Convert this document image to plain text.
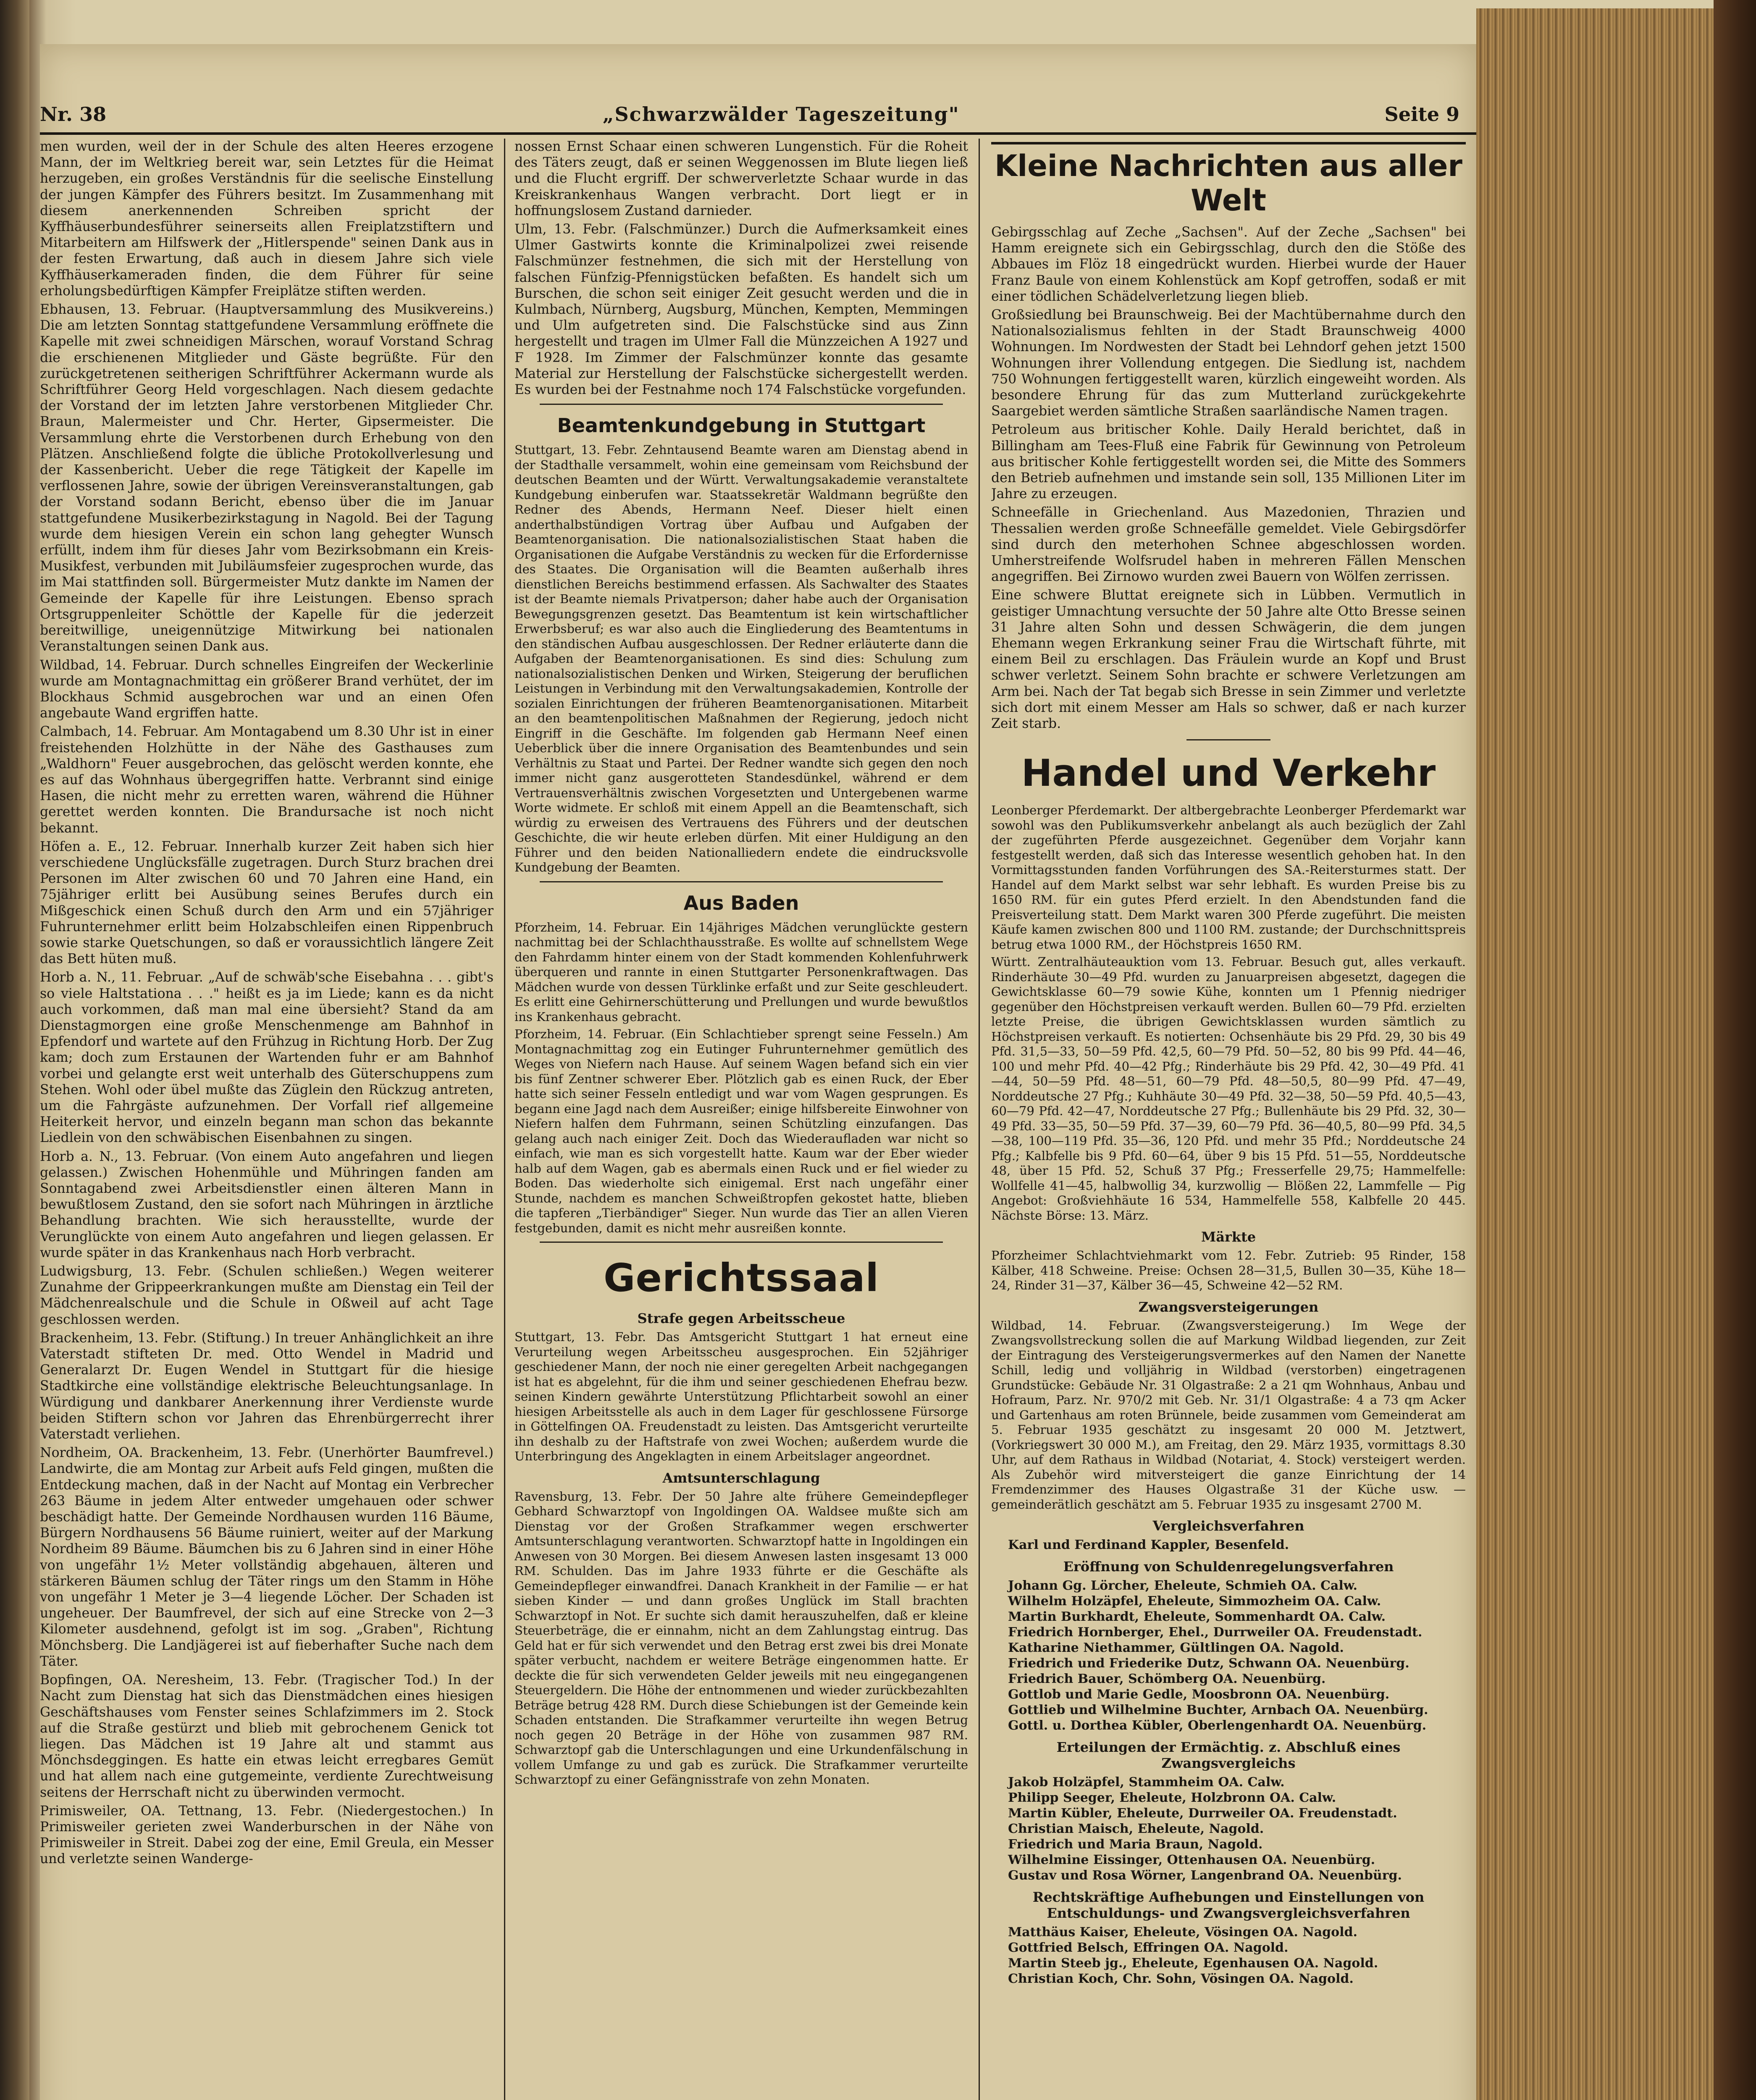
Nr. 38	„Schwarzwälder Tageszeitung"	Seite 9

men wurden, weil der in der Schule des alten Heeres erzogene Mann, der im Weltkrieg bereit war, sein Letztes für die Heimat herzugeben, ein großes Verständnis für die seelische Einstellung der jungen Kämpfer des Führers besitzt. Im Zusammenhang mit diesem anerkennenden Schreiben spricht der Kyffhäuserbundesführer seinerseits allen Freiplatzstiftern und Mitarbeitern am Hilfswerk der „Hitlerspende" seinen Dank aus in der festen Erwartung, daß auch in diesem Jahre sich viele Kyffhäuserkameraden finden, die dem Führer für seine erholungsbedürftigen Kämpfer Freiplätze stiften werden.

Ebhausen, 13. Februar. (Hauptversammlung des Musikvereins.) Die am letzten Sonntag stattgefundene Versammlung eröffnete die Kapelle mit zwei schneidigen Märschen, worauf Vorstand Schrag die erschienenen Mitglieder und Gäste begrüßte. Für den zurückgetretenen seitherigen Schriftführer Ackermann wurde als Schriftführer Georg Held vorgeschlagen. Nach diesem gedachte der Vorstand der im letzten Jahre verstorbenen Mitglieder Chr. Braun, Malermeister und Chr. Herter, Gipsermeister. Die Versammlung ehrte die Verstorbenen durch Erhebung von den Plätzen. Anschließend folgte die übliche Protokollverlesung und der Kassenbericht. Ueber die rege Tätigkeit der Kapelle im verflossenen Jahre, sowie der übrigen Vereinsveranstaltungen, gab der Vorstand sodann Bericht, ebenso über die im Januar stattgefundene Musikerbezirkstagung in Nagold. Bei der Tagung wurde dem hiesigen Verein ein schon lang gehegter Wunsch erfüllt, indem ihm für dieses Jahr vom Bezirksobmann ein Kreis-Musikfest, verbunden mit Jubiläumsfeier zugesprochen wurde, das im Mai stattfinden soll. Bürgermeister Mutz dankte im Namen der Gemeinde der Kapelle für ihre Leistungen. Ebenso sprach Ortsgruppenleiter Schöttle der Kapelle für die jederzeit bereitwillige, uneigennützige Mitwirkung bei nationalen Veranstaltungen seinen Dank aus.

Wildbad, 14. Februar. Durch schnelles Eingreifen der Weckerlinie wurde am Montagnachmittag ein größerer Brand verhütet, der im Blockhaus Schmid ausgebrochen war und an einen Ofen angebaute Wand ergriffen hatte.

Calmbach, 14. Februar. Am Montagabend um 8.30 Uhr ist in einer freistehenden Holzhütte in der Nähe des Gasthauses zum „Waldhorn" Feuer ausgebrochen, das gelöscht werden konnte, ehe es auf das Wohnhaus übergegriffen hatte. Verbrannt sind einige Hasen, die nicht mehr zu erretten waren, während die Hühner gerettet werden konnten. Die Brandursache ist noch nicht bekannt.

Höfen a. E., 12. Februar. Innerhalb kurzer Zeit haben sich hier verschiedene Unglücksfälle zugetragen. Durch Sturz brachen drei Personen im Alter zwischen 60 und 70 Jahren eine Hand, ein 75jähriger erlitt bei Ausübung seines Berufes durch ein Mißgeschick einen Schuß durch den Arm und ein 57jähriger Fuhrunternehmer erlitt beim Holzabschleifen einen Rippenbruch sowie starke Quetschungen, so daß er voraussichtlich längere Zeit das Bett hüten muß.

Horb a. N., 11. Februar. „Auf de schwäb'sche Eisebahna . . . gibt's so viele Haltstationa . . ." heißt es ja im Liede; kann es da nicht auch vorkommen, daß man mal eine übersieht? Stand da am Dienstagmorgen eine große Menschenmenge am Bahnhof in Epfendorf und wartete auf den Frühzug in Richtung Horb. Der Zug kam; doch zum Erstaunen der Wartenden fuhr er am Bahnhof vorbei und gelangte erst weit unterhalb des Güterschuppens zum Stehen. Wohl oder übel mußte das Züglein den Rückzug antreten, um die Fahrgäste aufzunehmen. Der Vorfall rief allgemeine Heiterkeit hervor, und einzeln begann man schon das bekannte Liedlein von den schwäbischen Eisenbahnen zu singen.

Horb a. N., 13. Februar. (Von einem Auto angefahren und liegen gelassen.) Zwischen Hohenmühle und Mühringen fanden am Sonntagabend zwei Arbeitsdienstler einen älteren Mann in bewußtlosem Zustand, den sie sofort nach Mühringen in ärztliche Behandlung brachten. Wie sich herausstellte, wurde der Verunglückte von einem Auto angefahren und liegen gelassen. Er wurde später in das Krankenhaus nach Horb verbracht.

Ludwigsburg, 13. Febr. (Schulen schließen.) Wegen weiterer Zunahme der Grippeerkrankungen mußte am Dienstag ein Teil der Mädchenrealschule und die Schule in Oßweil auf acht Tage geschlossen werden.

Brackenheim, 13. Febr. (Stiftung.) In treuer Anhänglichkeit an ihre Vaterstadt stifteten Dr. med. Otto Wendel in Madrid und Generalarzt Dr. Eugen Wendel in Stuttgart für die hiesige Stadtkirche eine vollständige elektrische Beleuchtungsanlage. In Würdigung und dankbarer Anerkennung ihrer Verdienste wurde beiden Stiftern schon vor Jahren das Ehrenbürgerrecht ihrer Vaterstadt verliehen.

Nordheim, OA. Brackenheim, 13. Febr. (Unerhörter Baumfrevel.) Landwirte, die am Montag zur Arbeit aufs Feld gingen, mußten die Entdeckung machen, daß in der Nacht auf Montag ein Verbrecher 263 Bäume in jedem Alter entweder umgehauen oder schwer beschädigt hatte. Der Gemeinde Nordhausen wurden 116 Bäume, Bürgern Nordhausens 56 Bäume ruiniert, weiter auf der Markung Nordheim 89 Bäume. Bäumchen bis zu 6 Jahren sind in einer Höhe von ungefähr 1½ Meter vollständig abgehauen, älteren und stärkeren Bäumen schlug der Täter rings um den Stamm in Höhe von ungefähr 1 Meter je 3—4 liegende Löcher. Der Schaden ist ungeheuer. Der Baumfrevel, der sich auf eine Strecke von 2—3 Kilometer ausdehnend, gefolgt ist im sog. „Graben", Richtung Mönchsberg. Die Landjägerei ist auf fieberhafter Suche nach dem Täter.

Bopfingen, OA. Neresheim, 13. Febr. (Tragischer Tod.) In der Nacht zum Dienstag hat sich das Dienstmädchen eines hiesigen Geschäftshauses vom Fenster seines Schlafzimmers im 2. Stock auf die Straße gestürzt und blieb mit gebrochenem Genick tot liegen. Das Mädchen ist 19 Jahre alt und stammt aus Mönchsdeggingen. Es hatte ein etwas leicht erregbares Gemüt und hat allem nach eine gutgemeinte, verdiente Zurechtweisung seitens der Herrschaft nicht zu überwinden vermocht.

Primisweiler, OA. Tettnang, 13. Febr. (Niedergestochen.) In Primisweiler gerieten zwei Wanderburschen in der Nähe von Primisweiler in Streit. Dabei zog der eine, Emil Greula, ein Messer und verletzte seinen Wanderge-

nossen Ernst Schaar einen schweren Lungenstich. Für die Roheit des Täters zeugt, daß er seinen Weggenossen im Blute liegen ließ und die Flucht ergriff. Der schwerverletzte Schaar wurde in das Kreiskrankenhaus Wangen verbracht. Dort liegt er in hoffnungslosem Zustand darnieder.

Ulm, 13. Febr. (Falschmünzer.) Durch die Aufmerksamkeit eines Ulmer Gastwirts konnte die Kriminalpolizei zwei reisende Falschmünzer festnehmen, die sich mit der Herstellung von falschen Fünfzig-Pfennigstücken befaßten. Es handelt sich um Burschen, die schon seit einiger Zeit gesucht werden und die in Kulmbach, Nürnberg, Augsburg, München, Kempten, Memmingen und Ulm aufgetreten sind. Die Falschstücke sind aus Zinn hergestellt und tragen im Ulmer Fall die Münzzeichen A 1927 und F 1928. Im Zimmer der Falschmünzer konnte das gesamte Material zur Herstellung der Falschstücke sichergestellt werden. Es wurden bei der Festnahme noch 174 Falschstücke vorgefunden.

Beamtenkundgebung in Stuttgart

Stuttgart, 13. Febr. Zehntausend Beamte waren am Dienstag abend in der Stadthalle versammelt, wohin eine gemeinsam vom Reichsbund der deutschen Beamten und der Württ. Verwaltungsakademie veranstaltete Kundgebung einberufen war. Staatssekretär Waldmann begrüßte den Redner des Abends, Hermann Neef. Dieser hielt einen anderthalbstündigen Vortrag über Aufbau und Aufgaben der Beamtenorganisation. Die nationalsozialistischen Staat haben die Organisationen die Aufgabe Verständnis zu wecken für die Erfordernisse des Staates. Die Organisation will die Beamten außerhalb ihres dienstlichen Bereichs bestimmend erfassen. Als Sachwalter des Staates ist der Beamte niemals Privatperson; daher habe auch der Organisation Bewegungsgrenzen gesetzt. Das Beamtentum ist kein wirtschaftlicher Erwerbsberuf; es war also auch die Eingliederung des Beamtentums in den ständischen Aufbau ausgeschlossen. Der Redner erläuterte dann die Aufgaben der Beamtenorganisationen. Es sind dies: Schulung zum nationalsozialistischen Denken und Wirken, Steigerung der beruflichen Leistungen in Verbindung mit den Verwaltungsakademien, Kontrolle der sozialen Einrichtungen der früheren Beamtenorganisationen. Mitarbeit an den beamtenpolitischen Maßnahmen der Regierung, jedoch nicht Eingriff in die Geschäfte. Im folgenden gab Hermann Neef einen Ueberblick über die innere Organisation des Beamtenbundes und sein Verhältnis zu Staat und Partei. Der Redner wandte sich gegen den noch immer nicht ganz ausgerotteten Standesdünkel, während er dem Vertrauensverhältnis zwischen Vorgesetzten und Untergebenen warme Worte widmete. Er schloß mit einem Appell an die Beamtenschaft, sich würdig zu erweisen des Vertrauens des Führers und der deutschen Geschichte, die wir heute erleben dürfen. Mit einer Huldigung an den Führer und den beiden Nationalliedern endete die eindrucksvolle Kundgebung der Beamten.

Aus Baden

Pforzheim, 14. Februar. Ein 14jähriges Mädchen verunglückte gestern nachmittag bei der Schlachthausstraße. Es wollte auf schnellstem Wege den Fahrdamm hinter einem von der Stadt kommenden Kohlenfuhrwerk überqueren und rannte in einen Stuttgarter Personenkraftwagen. Das Mädchen wurde von dessen Türklinke erfaßt und zur Seite geschleudert. Es erlitt eine Gehirnerschütterung und Prellungen und wurde bewußtlos ins Krankenhaus gebracht.

Pforzheim, 14. Februar. (Ein Schlachtieber sprengt seine Fesseln.) Am Montagnachmittag zog ein Eutinger Fuhrunternehmer gemütlich des Weges von Niefern nach Hause. Auf seinem Wagen befand sich ein vier bis fünf Zentner schwerer Eber. Plötzlich gab es einen Ruck, der Eber hatte sich seiner Fesseln entledigt und war vom Wagen gesprungen. Es begann eine Jagd nach dem Ausreißer; einige hilfsbereite Einwohner von Niefern halfen dem Fuhrmann, seinen Schützling einzufangen. Das gelang auch nach einiger Zeit. Doch das Wiederaufladen war nicht so einfach, wie man es sich vorgestellt hatte. Kaum war der Eber wieder halb auf dem Wagen, gab es abermals einen Ruck und er fiel wieder zu Boden. Das wiederholte sich einigemal. Erst nach ungefähr einer Stunde, nachdem es manchen Schweißtropfen gekostet hatte, blieben die tapferen „Tierbändiger" Sieger. Nun wurde das Tier an allen Vieren festgebunden, damit es nicht mehr ausreißen konnte.

Gerichtssaal
Strafe gegen Arbeitsscheue

Stuttgart, 13. Febr. Das Amtsgericht Stuttgart 1 hat erneut eine Verurteilung wegen Arbeitsscheu ausgesprochen. Ein 52jähriger geschiedener Mann, der noch nie einer geregelten Arbeit nachgegangen ist hat es abgelehnt, für die ihm und seiner geschiedenen Ehefrau bezw. seinen Kindern gewährte Unterstützung Pflichtarbeit sowohl an einer hiesigen Arbeitsstelle als auch in dem Lager für geschlossene Fürsorge in Göttelfingen OA. Freudenstadt zu leisten. Das Amtsgericht verurteilte ihn deshalb zu der Haftstrafe von zwei Wochen; außerdem wurde die Unterbringung des Angeklagten in einem Arbeitslager angeordnet.

Amtsunterschlagung

Ravensburg, 13. Febr. Der 50 Jahre alte frühere Gemeindepfleger Gebhard Schwarztopf von Ingoldingen OA. Waldsee mußte sich am Dienstag vor der Großen Strafkammer wegen erschwerter Amtsunterschlagung verantworten. Schwarztopf hatte in Ingoldingen ein Anwesen von 30 Morgen. Bei diesem Anwesen lasten insgesamt 13 000 RM. Schulden. Das im Jahre 1933 führte er die Geschäfte als Gemeindepfleger einwandfrei. Danach Krankheit in der Familie — er hat sieben Kinder — und dann großes Unglück im Stall brachten Schwarztopf in Not. Er suchte sich damit herauszuhelfen, daß er kleine Steuerbeträge, die er einnahm, nicht an dem Zahlungstag eintrug. Das Geld hat er für sich verwendet und den Betrag erst zwei bis drei Monate später verbucht, nachdem er weitere Beträge eingenommen hatte. Er deckte die für sich verwendeten Gelder jeweils mit neu eingegangenen Steuergeldern. Die Höhe der entnommenen und wieder zurückbezahlten Beträge betrug 428 RM. Durch diese Schiebungen ist der Gemeinde kein Schaden entstanden. Die Strafkammer verurteilte ihn wegen Betrug noch gegen 20 Beträge in der Höhe von zusammen 987 RM. Schwarztopf gab die Unterschlagungen und eine Urkundenfälschung in vollem Umfange zu und gab es zurück. Die Strafkammer verurteilte Schwarztopf zu einer Gefängnisstrafe von zehn Monaten.

Kleine Nachrichten aus aller Welt

Gebirgsschlag auf Zeche „Sachsen". Auf der Zeche „Sachsen" bei Hamm ereignete sich ein Gebirgsschlag, durch den die Stöße des Abbaues im Flöz 18 eingedrückt wurden. Hierbei wurde der Hauer Franz Baule von einem Kohlenstück am Kopf getroffen, sodaß er mit einer tödlichen Schädelverletzung liegen blieb.

Großsiedlung bei Braunschweig. Bei der Machtübernahme durch den Nationalsozialismus fehlten in der Stadt Braunschweig 4000 Wohnungen. Im Nordwesten der Stadt bei Lehndorf gehen jetzt 1500 Wohnungen ihrer Vollendung entgegen. Die Siedlung ist, nachdem 750 Wohnungen fertiggestellt waren, kürzlich eingeweiht worden. Als besondere Ehrung für das zum Mutterland zurückgekehrte Saargebiet werden sämtliche Straßen saarländische Namen tragen.

Petroleum aus britischer Kohle. Daily Herald berichtet, daß in Billingham am Tees-Fluß eine Fabrik für Gewinnung von Petroleum aus britischer Kohle fertiggestellt worden sei, die Mitte des Sommers den Betrieb aufnehmen und imstande sein soll, 135 Millionen Liter im Jahre zu erzeugen.

Schneefälle in Griechenland. Aus Mazedonien, Thrazien und Thessalien werden große Schneefälle gemeldet. Viele Gebirgsdörfer sind durch den meterhohen Schnee abgeschlossen worden. Umherstreifende Wolfsrudel haben in mehreren Fällen Menschen angegriffen. Bei Zirnowo wurden zwei Bauern von Wölfen zerrissen.

Eine schwere Bluttat ereignete sich in Lübben. Vermutlich in geistiger Umnachtung versuchte der 50 Jahre alte Otto Bresse seinen 31 Jahre alten Sohn und dessen Schwägerin, die dem jungen Ehemann wegen Erkrankung seiner Frau die Wirtschaft führte, mit einem Beil zu erschlagen. Das Fräulein wurde an Kopf und Brust schwer verletzt. Seinem Sohn brachte er schwere Verletzungen am Arm bei. Nach der Tat begab sich Bresse in sein Zimmer und verletzte sich dort mit einem Messer am Hals so schwer, daß er nach kurzer Zeit starb.

Handel und Verkehr

Leonberger Pferdemarkt. Der altbergebrachte Leonberger Pferdemarkt war sowohl was den Publikumsverkehr anbelangt als auch bezüglich der Zahl der zugeführten Pferde ausgezeichnet. Gegenüber dem Vorjahr kann festgestellt werden, daß sich das Interesse wesentlich gehoben hat. In den Vormittagsstunden fanden Vorführungen des SA.-Reitersturmes statt. Der Handel auf dem Markt selbst war sehr lebhaft. Es wurden Preise bis zu 1650 RM. für ein gutes Pferd erzielt. In den Abendstunden fand die Preisverteilung statt. Dem Markt waren 300 Pferde zugeführt. Die meisten Käufe kamen zwischen 800 und 1100 RM. zustande; der Durchschnittspreis betrug etwa 1000 RM., der Höchstpreis 1650 RM.

Württ. Zentralhäuteauktion vom 13. Februar. Besuch gut, alles verkauft. Rinderhäute 30—49 Pfd. wurden zu Januarpreisen abgesetzt, dagegen die Gewichtsklasse 60—79 sowie Kühe, konnten um 1 Pfennig niedriger gegenüber den Höchstpreisen verkauft werden. Bullen 60—79 Pfd. erzielten letzte Preise, die übrigen Gewichtsklassen wurden sämtlich zu Höchstpreisen verkauft. Es notierten: Ochsenhäute bis 29 Pfd. 29, 30 bis 49 Pfd. 31,5—33, 50—59 Pfd. 42,5, 60—79 Pfd. 50—52, 80 bis 99 Pfd. 44—46, 100 und mehr Pfd. 40—42 Pfg.; Rinderhäute bis 29 Pfd. 42, 30—49 Pfd. 41—44, 50—59 Pfd. 48—51, 60—79 Pfd. 48—50,5, 80—99 Pfd. 47—49, Norddeutsche 27 Pfg.; Kuhhäute 30—49 Pfd. 32—38, 50—59 Pfd. 40,5—43, 60—79 Pfd. 42—47, Norddeutsche 27 Pfg.; Bullenhäute bis 29 Pfd. 32, 30—49 Pfd. 33—35, 50—59 Pfd. 37—39, 60—79 Pfd. 36—40,5, 80—99 Pfd. 34,5—38, 100—119 Pfd. 35—36, 120 Pfd. und mehr 35 Pfd.; Norddeutsche 24 Pfg.; Kalbfelle bis 9 Pfd. 60—64, über 9 bis 15 Pfd. 51—55, Norddeutsche 48, über 15 Pfd. 52, Schuß 37 Pfg.; Fresserfelle 29,75; Hammelfelle: Wollfelle 41—45, halbwollig 34, kurzwollig — Blößen 22, Lammfelle — Pig Angebot: Großviehhäute 16 534, Hammelfelle 558, Kalbfelle 20 445. Nächste Börse: 13. März.

Märkte

Pforzheimer Schlachtviehmarkt vom 12. Febr. Zutrieb: 95 Rinder, 158 Kälber, 418 Schweine. Preise: Ochsen 28—31,5, Bullen 30—35, Kühe 18—24, Rinder 31—37, Kälber 36—45, Schweine 42—52 RM.

Zwangsversteigerungen

Wildbad, 14. Februar. (Zwangsversteigerung.) Im Wege der Zwangsvollstreckung sollen die auf Markung Wildbad liegenden, zur Zeit der Eintragung des Versteigerungsvermerkes auf den Namen der Nanette Schill, ledig und volljährig in Wildbad (verstorben) eingetragenen Grundstücke: Gebäude Nr. 31 Olgastraße: 2 a 21 qm Wohnhaus, Anbau und Hofraum, Parz. Nr. 970/2 mit Geb. Nr. 31/1 Olgastraße: 4 a 73 qm Acker und Gartenhaus am roten Brünnele, beide zusammen vom Gemeinderat am 5. Februar 1935 geschätzt zu insgesamt 20 000 M. Jetztwert, (Vorkriegswert 30 000 M.), am Freitag, den 29. März 1935, vormittags 8.30 Uhr, auf dem Rathaus in Wildbad (Notariat, 4. Stock) versteigert werden. Als Zubehör wird mitversteigert die ganze Einrichtung der 14 Fremdenzimmer des Hauses Olgastraße 31 der Küche usw. — gemeinderätlich geschätzt am 5. Februar 1935 zu insgesamt 2700 M.

Vergleichsverfahren

Karl und Ferdinand Kappler, Besenfeld.

Eröffnung von Schuldenregelungsverfahren

Johann Gg. Lörcher, Eheleute, Schmieh OA. Calw.

Wilhelm Holzäpfel, Eheleute, Simmozheim OA. Calw.

Martin Burkhardt, Eheleute, Sommenhardt OA. Calw.

Friedrich Hornberger, Ehel., Durrweiler OA. Freudenstadt.

Katharine Niethammer, Gültlingen OA. Nagold.

Friedrich und Friederike Dutz, Schwann OA. Neuenbürg.

Friedrich Bauer, Schömberg OA. Neuenbürg.

Gottlob und Marie Gedle, Moosbronn OA. Neuenbürg.

Gottlieb und Wilhelmine Buchter, Arnbach OA. Neuenbürg.

Gottl. u. Dorthea Kübler, Oberlengenhardt OA. Neuenbürg.

Erteilungen der Ermächtig. z. Abschluß eines Zwangsvergleichs

Jakob Holzäpfel, Stammheim OA. Calw.

Philipp Seeger, Eheleute, Holzbronn OA. Calw.

Martin Kübler, Eheleute, Durrweiler OA. Freudenstadt.

Christian Maisch, Eheleute, Nagold.

Friedrich und Maria Braun, Nagold.

Wilhelmine Eissinger, Ottenhausen OA. Neuenbürg.

Gustav und Rosa Wörner, Langenbrand OA. Neuenbürg.

Rechtskräftige Aufhebungen und Einstellungen von Entschuldungs- und Zwangsvergleichsverfahren

Matthäus Kaiser, Eheleute, Vösingen OA. Nagold.

Gottfried Belsch, Effringen OA. Nagold.

Martin Steeb jg., Eheleute, Egenhausen OA. Nagold.

Christian Koch, Chr. Sohn, Vösingen OA. Nagold.
